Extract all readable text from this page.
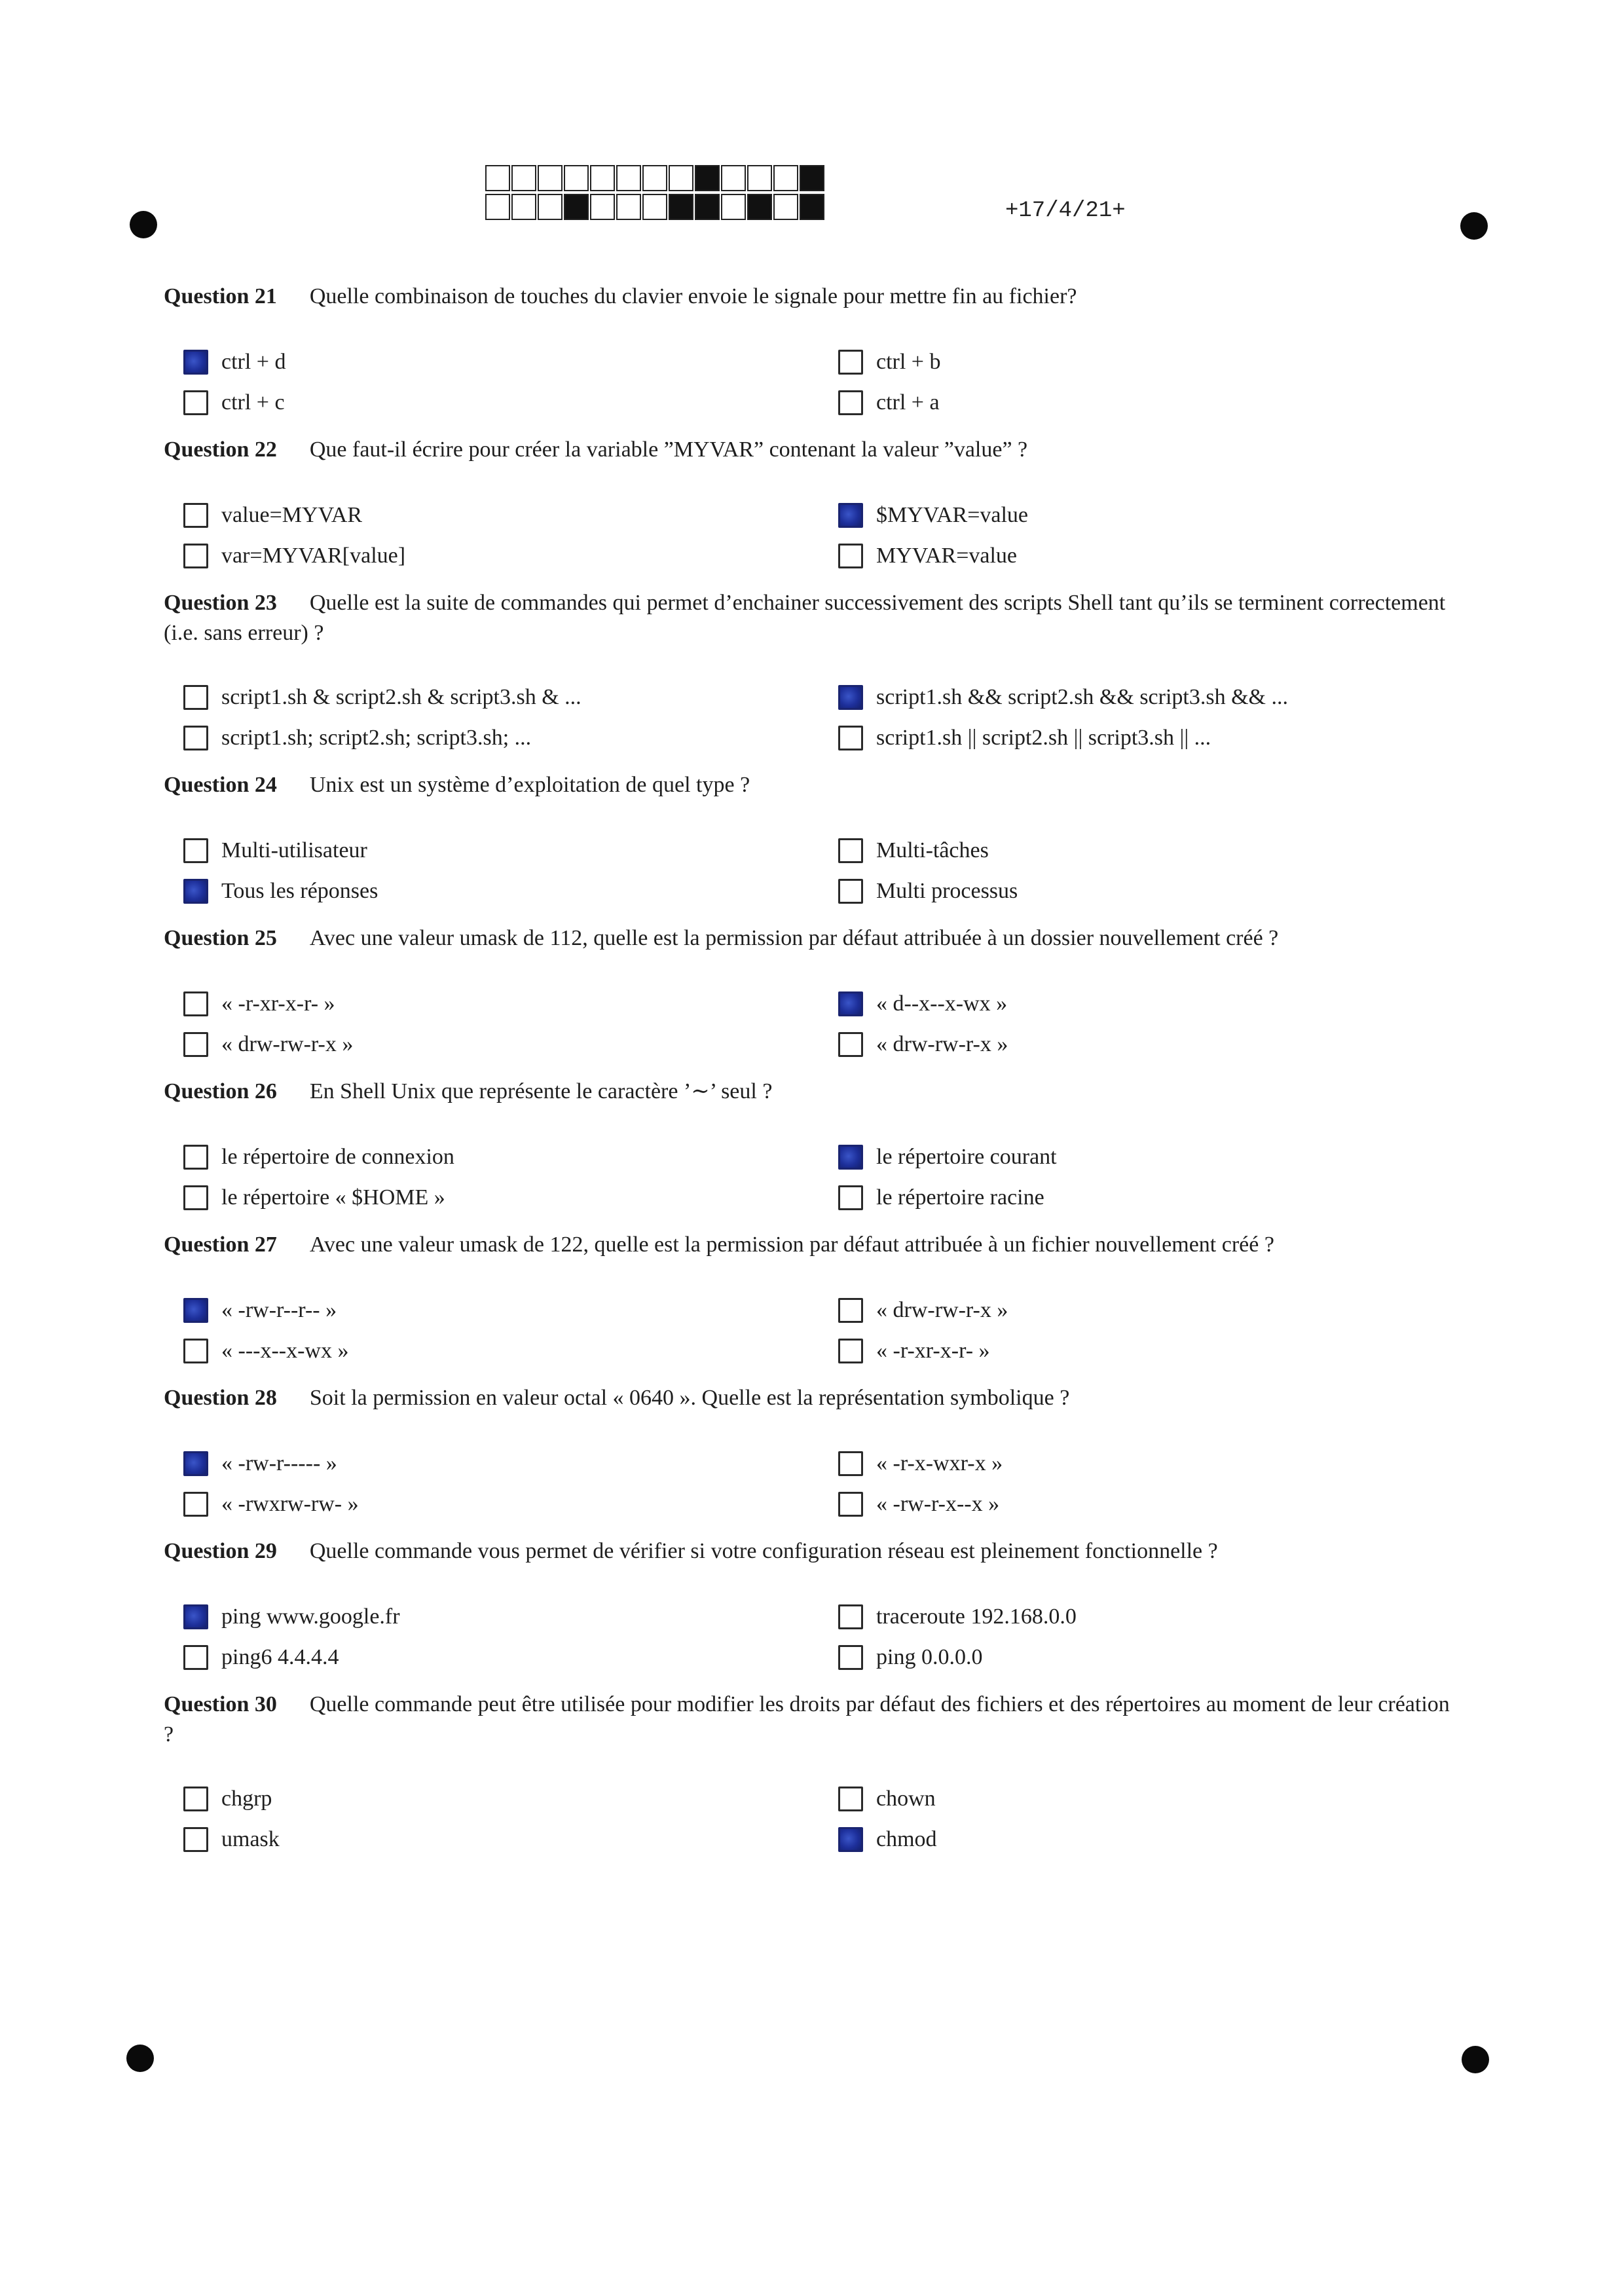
+17/4/21+

Question 21 Quelle combinaison de touches du clavier envoie le signale pour mettre fin au fichier?

ctrl + d	ctrl + b
ctrl + c	ctrl + a

Question 22 Que faut-il écrire pour créer la variable ”MYVAR” contenant la valeur ”value” ?

value=MYVAR	$MYVAR=value
var=MYVAR[value]	MYVAR=value

Question 23 Quelle est la suite de commandes qui permet d’enchainer successivement des scripts Shell tant qu’ils se terminent correctement (i.e. sans erreur) ?

script1.sh & script2.sh & script3.sh & ...	script1.sh && script2.sh && script3.sh && ...
script1.sh; script2.sh; script3.sh; ...	script1.sh || script2.sh || script3.sh || ...

Question 24 Unix est un système d’exploitation de quel type ?

Multi-utilisateur	Multi-tâches
Tous les réponses	Multi processus

Question 25 Avec une valeur umask de 112, quelle est la permission par défaut attribuée à un dossier nouvellement créé ?

« -r-xr-x-r- »	« d--x--x-wx »
« drw-rw-r-x »	« drw-rw-r-x »

Question 26 En Shell Unix que représente le caractère ’∼’ seul ?

le répertoire de connexion	le répertoire courant
le répertoire « $HOME »	le répertoire racine

Question 27 Avec une valeur umask de 122, quelle est la permission par défaut attribuée à un fichier nouvellement créé ?

« -rw-r--r-- »	« drw-rw-r-x »
« ---x--x-wx »	« -r-xr-x-r- »

Question 28 Soit la permission en valeur octal « 0640 ». Quelle est la représentation symbolique ?

« -rw-r----- »	« -r-x-wxr-x »
« -rwxrw-rw- »	« -rw-r-x--x »

Question 29 Quelle commande vous permet de vérifier si votre configuration réseau est pleinement fonctionnelle ?

ping www.google.fr	traceroute 192.168.0.0
ping6 4.4.4.4	ping 0.0.0.0

Question 30 Quelle commande peut être utilisée pour modifier les droits par défaut des fichiers et des répertoires au moment de leur création ?

chgrp	chown
umask	chmod
